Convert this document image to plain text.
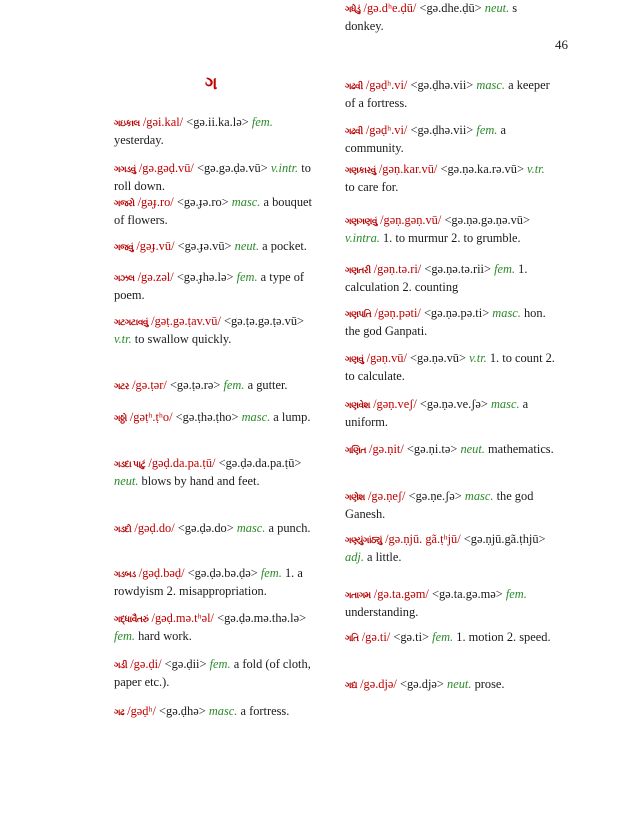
46
ગ
ગઇકાલ /gəi.kal/ <gə.ii.ka.lə> fem. yesterday.
ગગડવું /gə.gəḍ.vū/ <gə.gə.ḍə.vū> v.intr. to roll down.
ગજરો /gəɟ.ro/ <gə.ɟə.ro> masc. a bouquet of flowers.
ગજવું /gəɟ.vū/ <gə.ɟə.vū> neut. a pocket.
ગઝલ /gə.zəl/ <gə.ɟhə.lə> fem. a type of poem.
ગટગટાવવું /gəṭ.gə.ṭav.vū/ <gə.ṭə.gə.ṭə.vū> v.tr. to swallow quickly.
ગટર /gə.ṭər/ <gə.ṭə.rə> fem. a gutter.
ગઠ્ઠો /gəṭʰ.ṭʰo/ <gə.ṭhə.ṭho> masc. a lump.
ગડદા પાટું /gəḍ.da.pa.ṭū/ <gə.ḍə.da.pa.ṭū> neut. blows by hand and feet.
ગડદો /gəḍ.do/ <gə.ḍə.do> masc. a punch.
ગડબડ /gəḍ.bəḍ/ <gə.ḍə.bə.ḍə> fem. 1. a rowdyism 2. misappropriation.
ગદ્ધાવૈતરું /gəḍ.mə.tʰəl/ <gə.ḍə.mə.thə.lə> fem. hard work.
ગડી /gə.ḍi/ <gə.ḍii> fem. a fold (of cloth, paper etc.).
ગઢ /gəḍʰ/ <gə.ḍhə> masc. a fortress.
ગઢવી /gəḍʰ.vi/ <gə.ḍhə.vii> masc. a keeper of a fortress.
ગઢવી /gəḍʰ.vi/ <gə.ḍhə.vii> fem. a community.
ગણકારવું /gəṇ.kar.vū/ <gə.ṇə.ka.rə.vū> v.tr. to care for.
ગણગણવું /gəṇ.gəṇ.vū/ <gə.ṇə.gə.ṇə.vū> v.intra. 1. to murmur 2. to grumble.
ગણતરી /gəṇ.tə.ri/ <gə.ṇə.tə.rii> fem. 1. calculation 2. counting
ગણપતિ /gəṇ.pəti/ <gə.ṇə.pə.ti> masc. hon. the god Ganpati.
ગણવું /gəṇ.vū/ <gə.ṇə.vū> v.tr. 1. to count 2. to calculate.
ગણવેશ /gəṇ.veʃ/ <gə.ṇə.ve.ʃə> masc. a uniform.
ગણિત /gə.ṇit/ <gə.ṇi.tə> neut. mathematics.
ગણેશ /gə.ṇeʃ/ <gə.ṇe.ʃə> masc. the god Ganesh.
ગણ્યુંગાંઠ્યું /gə.ṇjū. gã.ṭʰjū/ <gə.ṇjū.gã.ṭhjū> adj. a little.
ગતાગમ /gə.ta.gəm/ <gə.ta.gə.mə> fem. understanding.
ગતિ /gə.ti/ <gə.ti> fem. 1. motion 2. speed.
ગદ્ય /gə.djə/ <gə.djə> neut. prose.
ગધેડું /gə.dʰe.ḍū/ <gə.dhe.ḍū> neut. s donkey.
